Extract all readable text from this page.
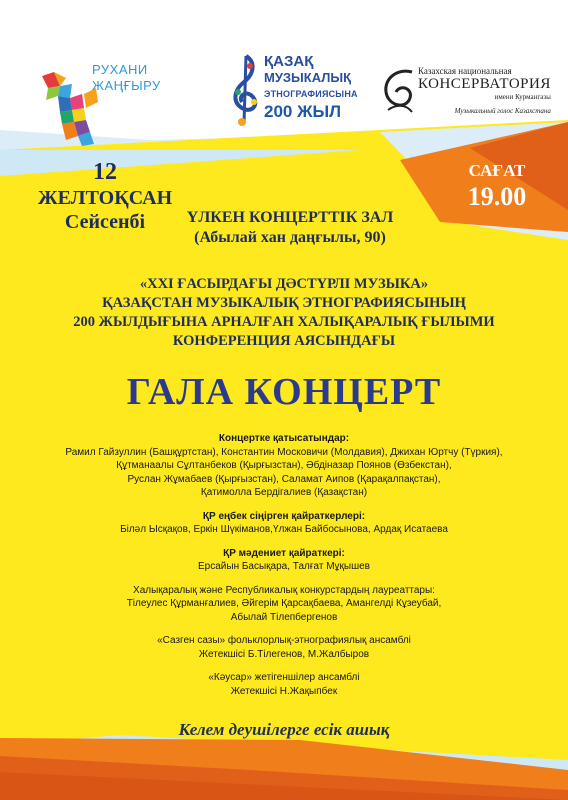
РУХАНИ
ЖАҢҒЫРУ
ҚАЗАҚ
МУЗЫКАЛЫҚ
ЭТНОГРАФИЯСЫНА
200 ЖЫЛ
Казахская национальная
КОНСЕРВАТОРИЯ
имени Курмангазы
Музыкальный голос Казахстана
12
ЖЕЛТОҚСАН
Сейсенбі
САҒАТ
19.00
ҮЛКЕН КОНЦЕРТТІК ЗАЛ
(Абылай хан даңғылы, 90)
«XXI ҒАСЫРДАҒЫ ДӘСТҮРЛІ МУЗЫКА»
ҚАЗАҚСТАН МУЗЫКАЛЫҚ ЭТНОГРАФИЯСЫНЫҢ
200 ЖЫЛДЫҒЫНА АРНАЛҒАН ХАЛЫҚАРАЛЫҚ ҒЫЛЫМИ
КОНФЕРЕНЦИЯ АЯСЫНДАҒЫ
ГАЛА КОНЦЕРТ
Концертке қатысатындар:
Рамил Гайзуллин (Башқұртстан), Константин Московичи (Молдавия), Джихан Юртчу (Түркия),
Құтманаалы Сұлтанбеков (Қырғызстан), Әбдіназар Поянов (Өзбекстан),
Руслан Жұмабаев (Қырғызстан), Саламат Аипов (Қарақалпақстан),
Қатимолла Бердігалиев (Қазақстан)
ҚР еңбек сіңірген қайраткерлері:
Біләл Ысқақов, Еркін Шүкіманов,Үлжан Байбосынова, Ардақ Исатаева
ҚР мәдениет қайраткері:
Ерсайын Басықара, Талғат Мұқышев
Халықаралық және Республикалық конкурстардың лауреаттары:
Тілеулес Құрманғалиев, Әйгерім Қарсақбаева, Амангелді Кұзеубай,
Абылай Тілепбергенов
«Сазген сазы» фольклорлық-этнографиялық ансамблі
Жетекшісі Б.Тілегенов, М.Жалбыров
«Кәусар» жетігеншілер ансамблі
Жетекшісі Н.Жақыпбек
Келем деушілерге есік ашық
